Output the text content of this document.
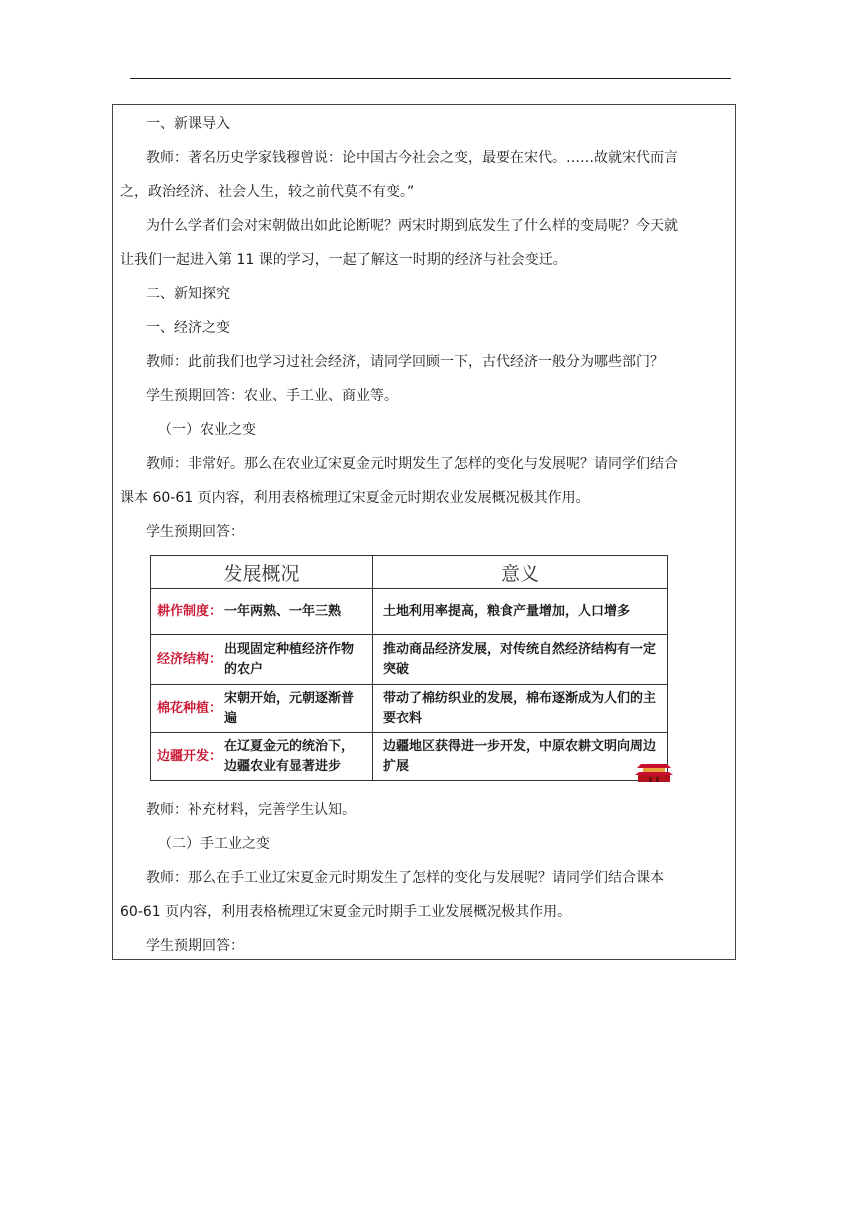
一、新课导入
教师：著名历史学家钱穆曾说：论中国古今社会之变，最要在宋代。……故就宋代而言
之，政治经济、社会人生，较之前代莫不有变。”
为什么学者们会对宋朝做出如此论断呢？两宋时期到底发生了什么样的变局呢？今天就
让我们一起进入第 11 课的学习，一起了解这一时期的经济与社会变迁。
二、新知探究
一、经济之变
教师：此前我们也学习过社会经济，请同学回顾一下，古代经济一般分为哪些部门？
学生预期回答：农业、手工业、商业等。
（一）农业之变
教师：非常好。那么在农业辽宋夏金元时期发生了怎样的变化与发展呢？请同学们结合
课本 60-61 页内容，利用表格梳理辽宋夏金元时期农业发展概况极其作用。
学生预期回答：
发展概况	意义
耕作制度： 一年两熟、一年三熟	土地利用率提高，粮食产量增加，人口增多
经济结构：
出现固定种植经济作物的农户
推动商品经济发展，对传统自然经济结构有一定突破
棉花种植：
宋朝开始，元朝逐渐普遍
带动了棉纺织业的发展，棉布逐渐成为人们的主要衣料
边疆开发：
在辽夏金元的统治下，边疆农业有显著进步
边疆地区获得进一步开发，中原农耕文明向周边扩展
教师：补充材料，完善学生认知。
（二）手工业之变
教师：那么在手工业辽宋夏金元时期发生了怎样的变化与发展呢？请同学们结合课本
60-61 页内容，利用表格梳理辽宋夏金元时期手工业发展概况极其作用。
学生预期回答：
